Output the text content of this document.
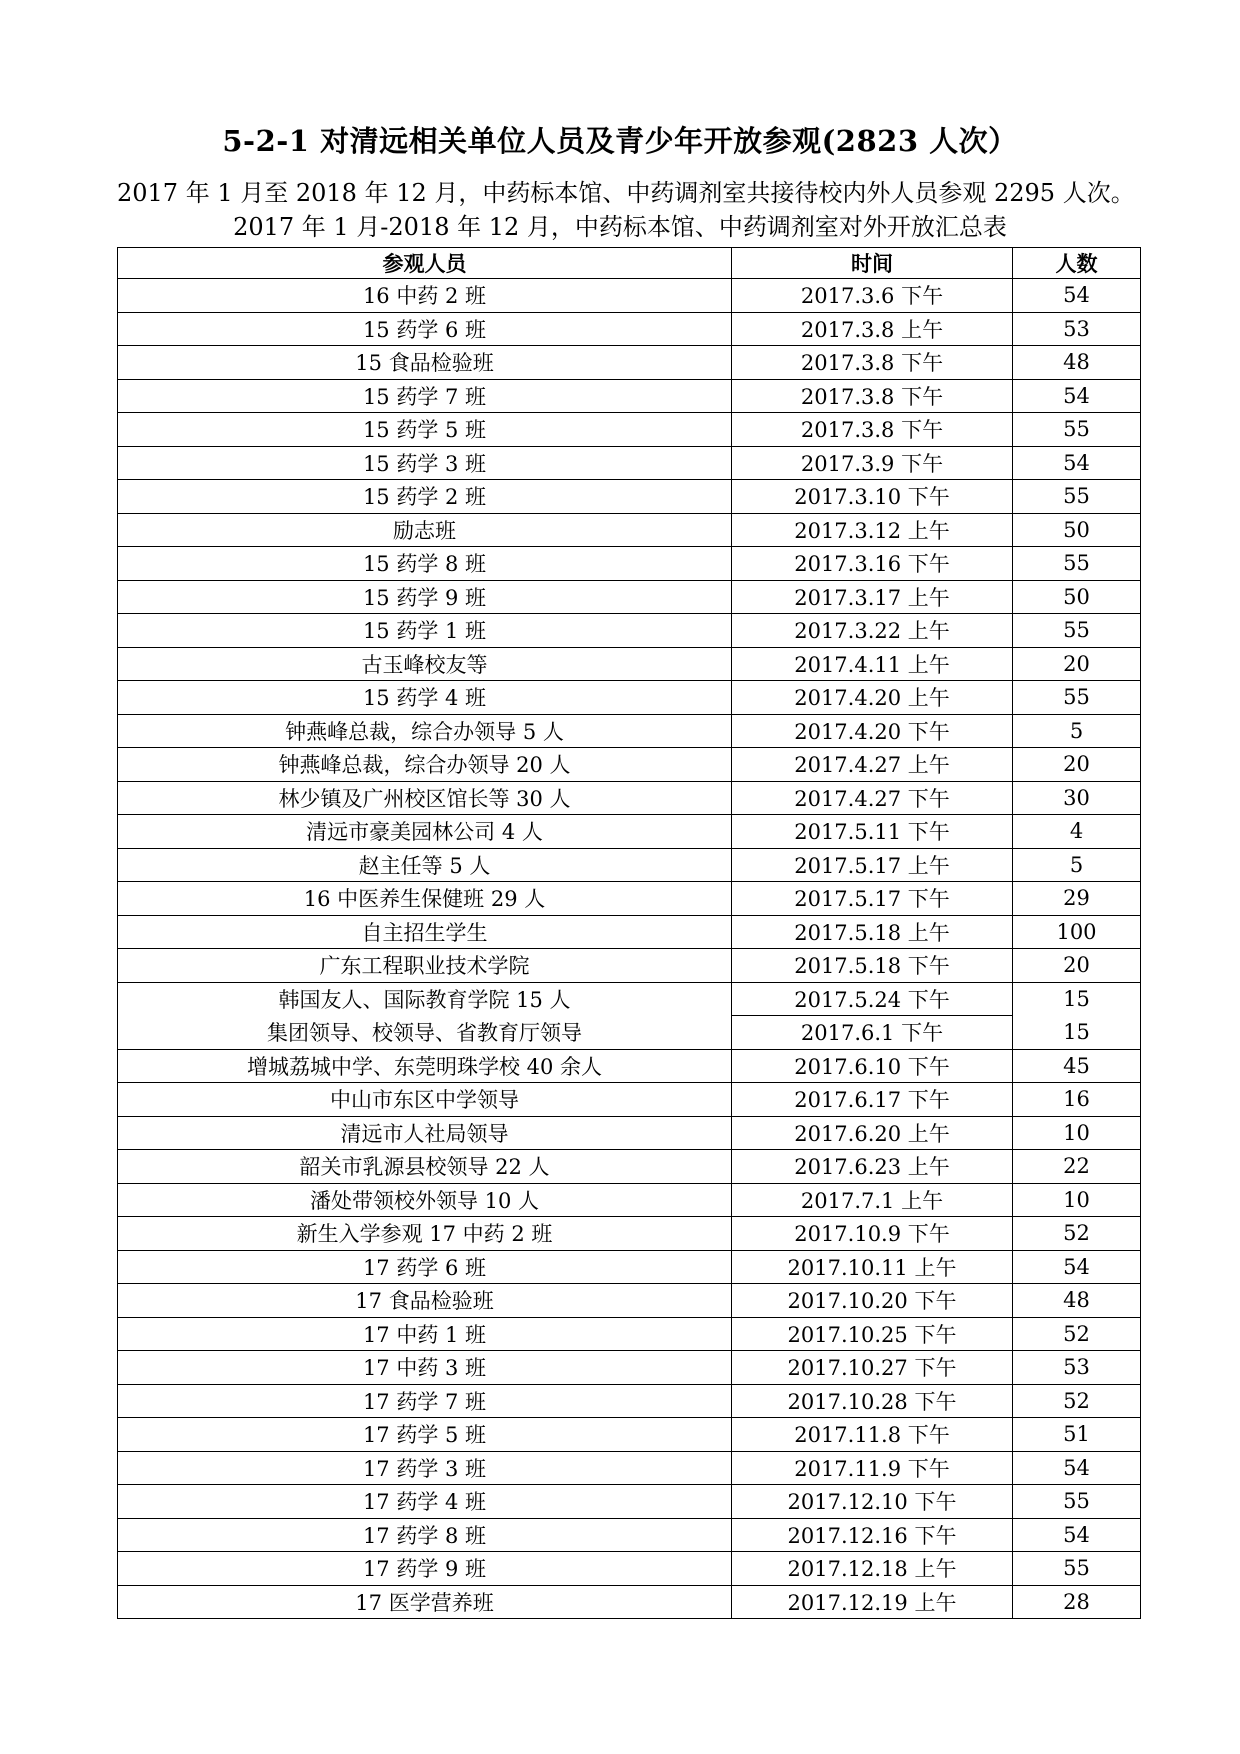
5-2-1 对清远相关单位人员及青少年开放参观(2823 人次）

2017 年 1 月至 2018 年 12 月，中药标本馆、中药调剂室共接待校内外人员参观 2295 人次。

2017 年 1 月-2018 年 12 月，中药标本馆、中药调剂室对外开放汇总表

参观人员	时间	人数
16 中药 2 班	2017.3.6 下午	54
15 药学 6 班	2017.3.8 上午	53
15 食品检验班	2017.3.8 下午	48
15 药学 7 班	2017.3.8 下午	54
15 药学 5 班	2017.3.8 下午	55
15 药学 3 班	2017.3.9 下午	54
15 药学 2 班	2017.3.10 下午	55
励志班	2017.3.12 上午	50
15 药学 8 班	2017.3.16 下午	55
15 药学 9 班	2017.3.17 上午	50
15 药学 1 班	2017.3.22 上午	55
古玉峰校友等	2017.4.11 上午	20
15 药学 4 班	2017.4.20 上午	55
钟燕峰总裁，综合办领导 5 人	2017.4.20 下午	5
钟燕峰总裁，综合办领导 20 人	2017.4.27 上午	20
林少镇及广州校区馆长等 30 人	2017.4.27 下午	30
清远市豪美园林公司 4 人	2017.5.11 下午	4
赵主任等 5 人	2017.5.17 上午	5
16 中医养生保健班 29 人	2017.5.17 下午	29
自主招生学生	2017.5.18 上午	100
广东工程职业技术学院	2017.5.18 下午	20
韩国友人、国际教育学院 15 人	2017.5.24 下午	15
集团领导、校领导、省教育厅领导	2017.6.1 下午	15
增城荔城中学、东莞明珠学校 40 余人	2017.6.10 下午	45
中山市东区中学领导	2017.6.17 下午	16
清远市人社局领导	2017.6.20 上午	10
韶关市乳源县校领导 22 人	2017.6.23 上午	22
潘处带领校外领导 10 人	2017.7.1 上午	10
新生入学参观 17 中药 2 班	2017.10.9 下午	52
17 药学 6 班	2017.10.11 上午	54
17 食品检验班	2017.10.20 下午	48
17 中药 1 班	2017.10.25 下午	52
17 中药 3 班	2017.10.27 下午	53
17 药学 7 班	2017.10.28 下午	52
17 药学 5 班	2017.11.8 下午	51
17 药学 3 班	2017.11.9 下午	54
17 药学 4 班	2017.12.10 下午	55
17 药学 8 班	2017.12.16 下午	54
17 药学 9 班	2017.12.18 上午	55
17 医学营养班	2017.12.19 上午	28
